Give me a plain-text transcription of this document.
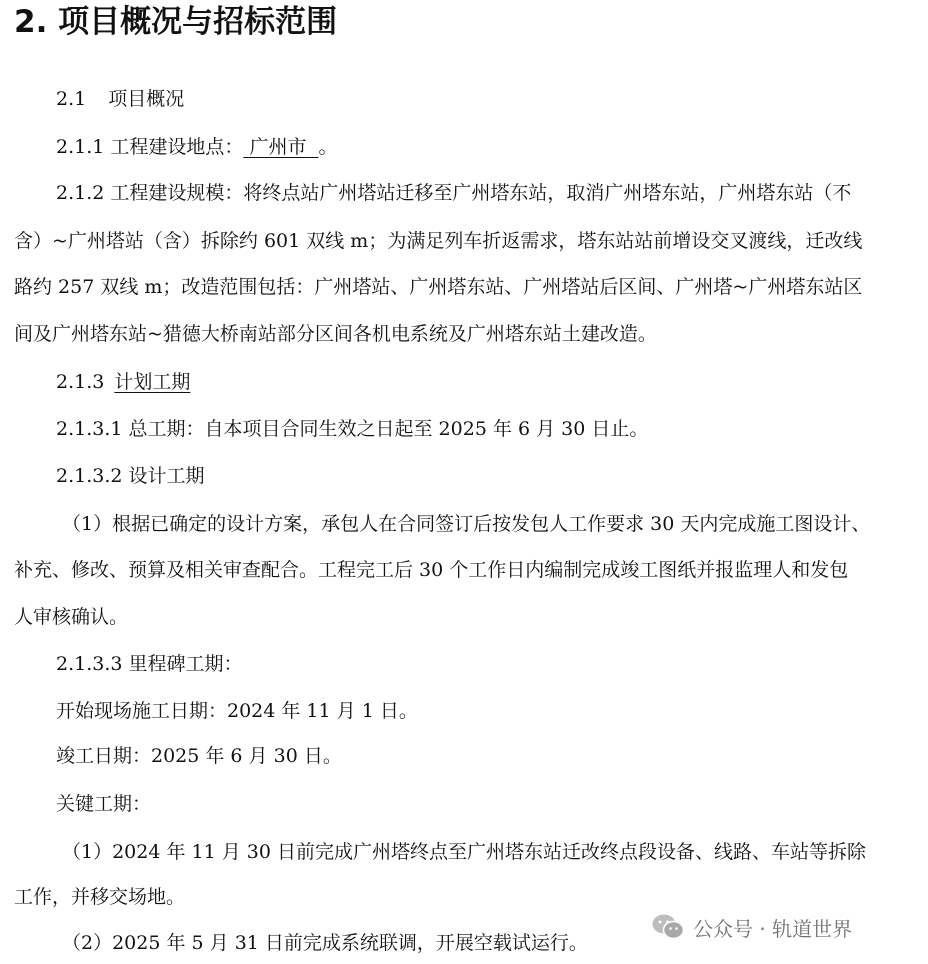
2. 项目概况与招标范围

2.1 项目概况

2.1.1 工程建设地点： 广州市 。

2.1.2 工程建设规模：将终点站广州塔站迁移至广州塔东站，取消广州塔东站，广州塔东站（不

含）~广州塔站（含）拆除约 601 双线 m；为满足列车折返需求，塔东站站前增设交叉渡线，迁改线

路约 257 双线 m；改造范围包括：广州塔站、广州塔东站、广州塔站后区间、广州塔~广州塔东站区

间及广州塔东站~猎德大桥南站部分区间各机电系统及广州塔东站土建改造。

2.1.3 计划工期

2.1.3.1 总工期：自本项目合同生效之日起至 2025 年 6 月 30 日止。

2.1.3.2 设计工期

（1）根据已确定的设计方案，承包人在合同签订后按发包人工作要求 30 天内完成施工图设计、

补充、修改、预算及相关审查配合。工程完工后 30 个工作日内编制完成竣工图纸并报监理人和发包

人审核确认。

2.1.3.3 里程碑工期：

开始现场施工日期：2024 年 11 月 1 日。

竣工日期：2025 年 6 月 30 日。

关键工期：

（1）2024 年 11 月 30 日前完成广州塔终点至广州塔东站迁改终点段设备、线路、车站等拆除

工作，并移交场地。

（2）2025 年 5 月 31 日前完成系统联调，开展空载试运行。

公众号 · 轨道世界
